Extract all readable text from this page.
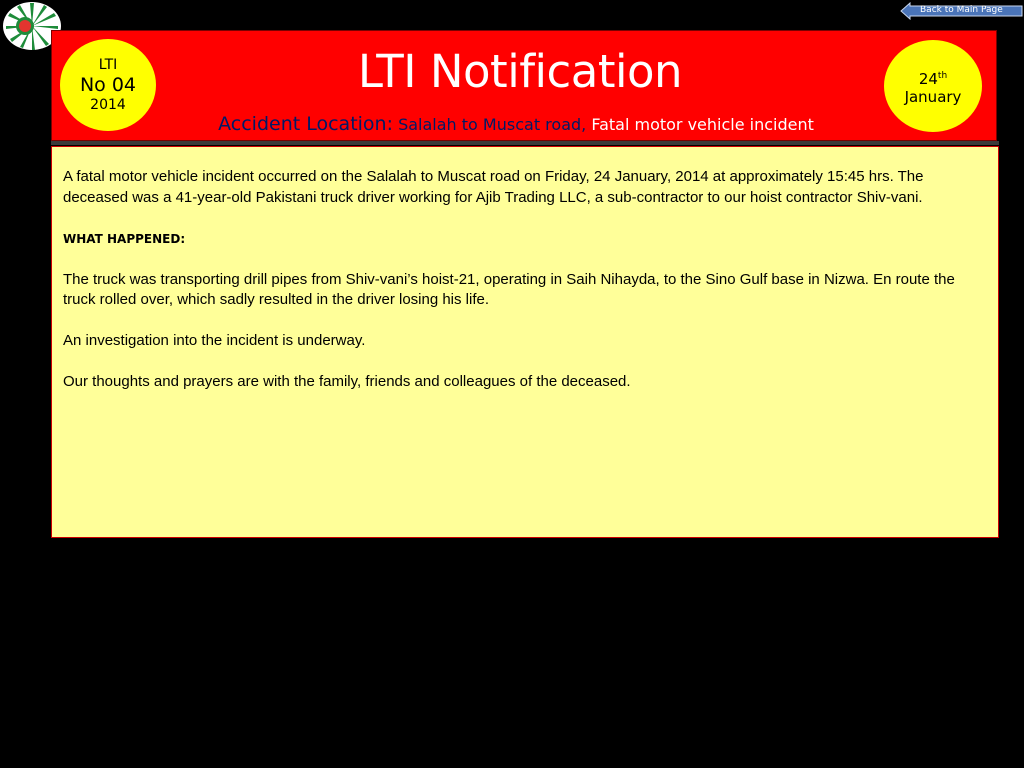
Back to Main Page
LTI
No 04
2014
24th
January
LTI Notification
Accident Location: Salalah to Muscat road, Fatal motor vehicle incident

A fatal motor vehicle incident occurred on the Salalah to Muscat road on Friday, 24 January, 2014 at approximately 15:45 hrs. The deceased was a 41-year-old Pakistani truck driver working for Ajib Trading LLC, a sub-contractor to our hoist contractor Shiv-vani.

WHAT HAPPENED:

The truck was transporting drill pipes from Shiv-vani’s hoist-21, operating in Saih Nihayda, to the Sino Gulf base in Nizwa. En route the truck rolled over, which sadly resulted in the driver losing his life.

An investigation into the incident is underway.

Our thoughts and prayers are with the family, friends and colleagues of the deceased.
